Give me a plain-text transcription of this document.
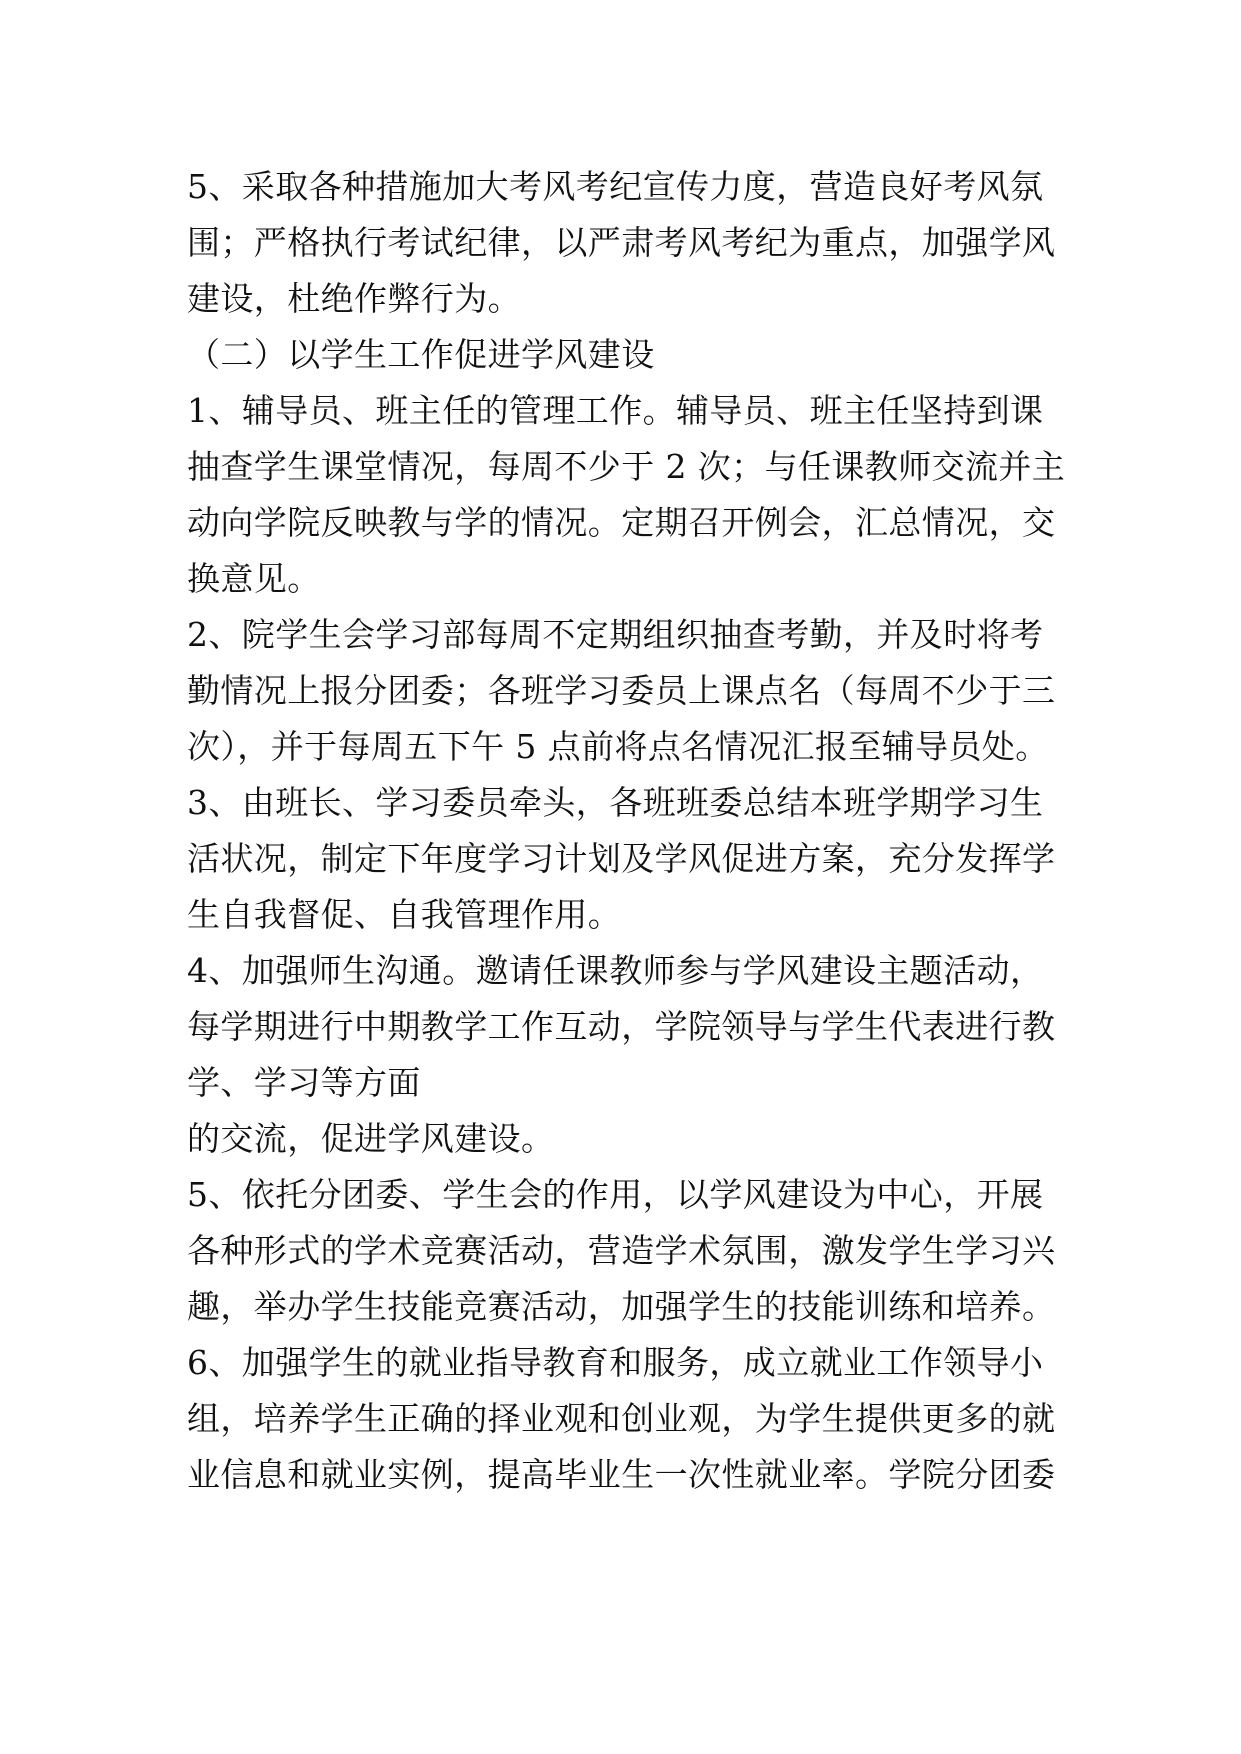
5、采取各种措施加大考风考纪宣传力度，营造良好考风氛
围；严格执行考试纪律，以严肃考风考纪为重点，加强学风
建设，杜绝作弊行为。
（二）以学生工作促进学风建设
1、辅导员、班主任的管理工作。辅导员、班主任坚持到课
抽查学生课堂情况，每周不少于 2 次；与任课教师交流并主
动向学院反映教与学的情况。定期召开例会，汇总情况，交
换意见。
2、院学生会学习部每周不定期组织抽查考勤，并及时将考
勤情况上报分团委；各班学习委员上课点名（每周不少于三
次），并于每周五下午 5 点前将点名情况汇报至辅导员处。
3、由班长、学习委员牵头，各班班委总结本班学期学习生
活状况，制定下年度学习计划及学风促进方案，充分发挥学
生自我督促、自我管理作用。
4、加强师生沟通。邀请任课教师参与学风建设主题活动，
每学期进行中期教学工作互动，学院领导与学生代表进行教
学、学习等方面
的交流，促进学风建设。
5、依托分团委、学生会的作用，以学风建设为中心，开展
各种形式的学术竞赛活动，营造学术氛围，激发学生学习兴
趣，举办学生技能竞赛活动，加强学生的技能训练和培养。
6、加强学生的就业指导教育和服务，成立就业工作领导小
组，培养学生正确的择业观和创业观，为学生提供更多的就
业信息和就业实例，提高毕业生一次性就业率。学院分团委
